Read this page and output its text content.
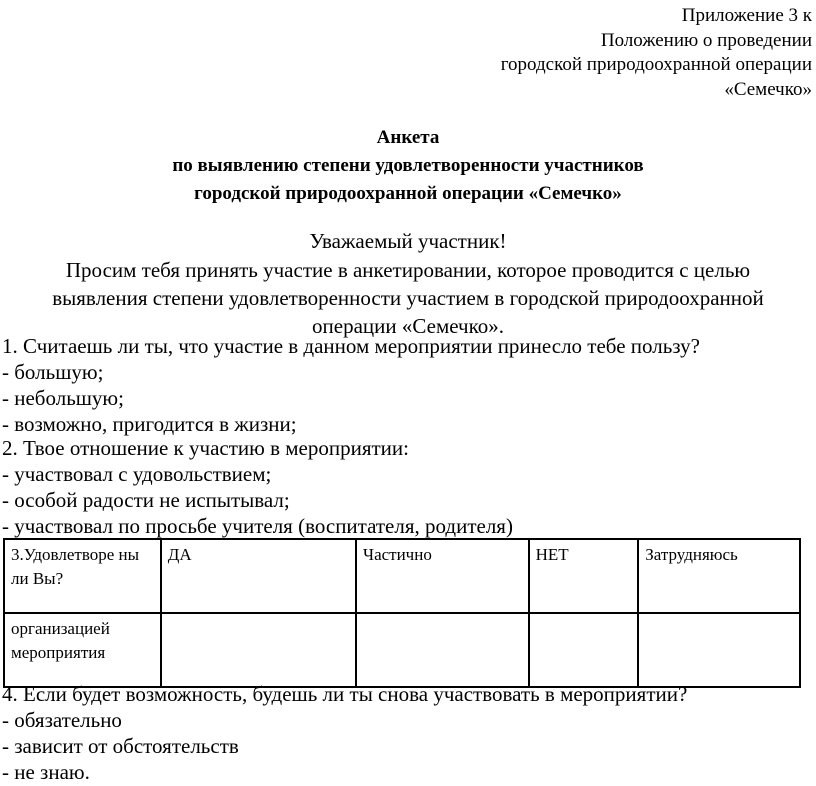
Приложение 3 к
Положению о проведении
городской природоохранной операции
«Семечко»
Анкета
по выявлению степени удовлетворенности участников
городской природоохранной операции «Семечко»
Уважаемый участник!
Просим тебя принять участие в анкетировании, которое проводится с целью
выявления степени удовлетворенности участием в городской природоохранной
операции «Семечко».
1. Считаешь ли ты, что участие в данном мероприятии принесло тебе пользу?
- большую;
- небольшую;
- возможно, пригодится в жизни;
2. Твое отношение к участию в мероприятии:
- участвовал с удовольствием;
- особой радости не испытывал;
- участвовал по просьбе учителя (воспитателя, родителя)
3.Удовлетворе ны ли Вы?	ДА	Частично	НЕТ	Затрудняюсь
организацией мероприятия				
4. Если будет возможность, будешь ли ты снова участвовать в мероприятии?
- обязательно
- зависит от обстоятельств
- не знаю.
